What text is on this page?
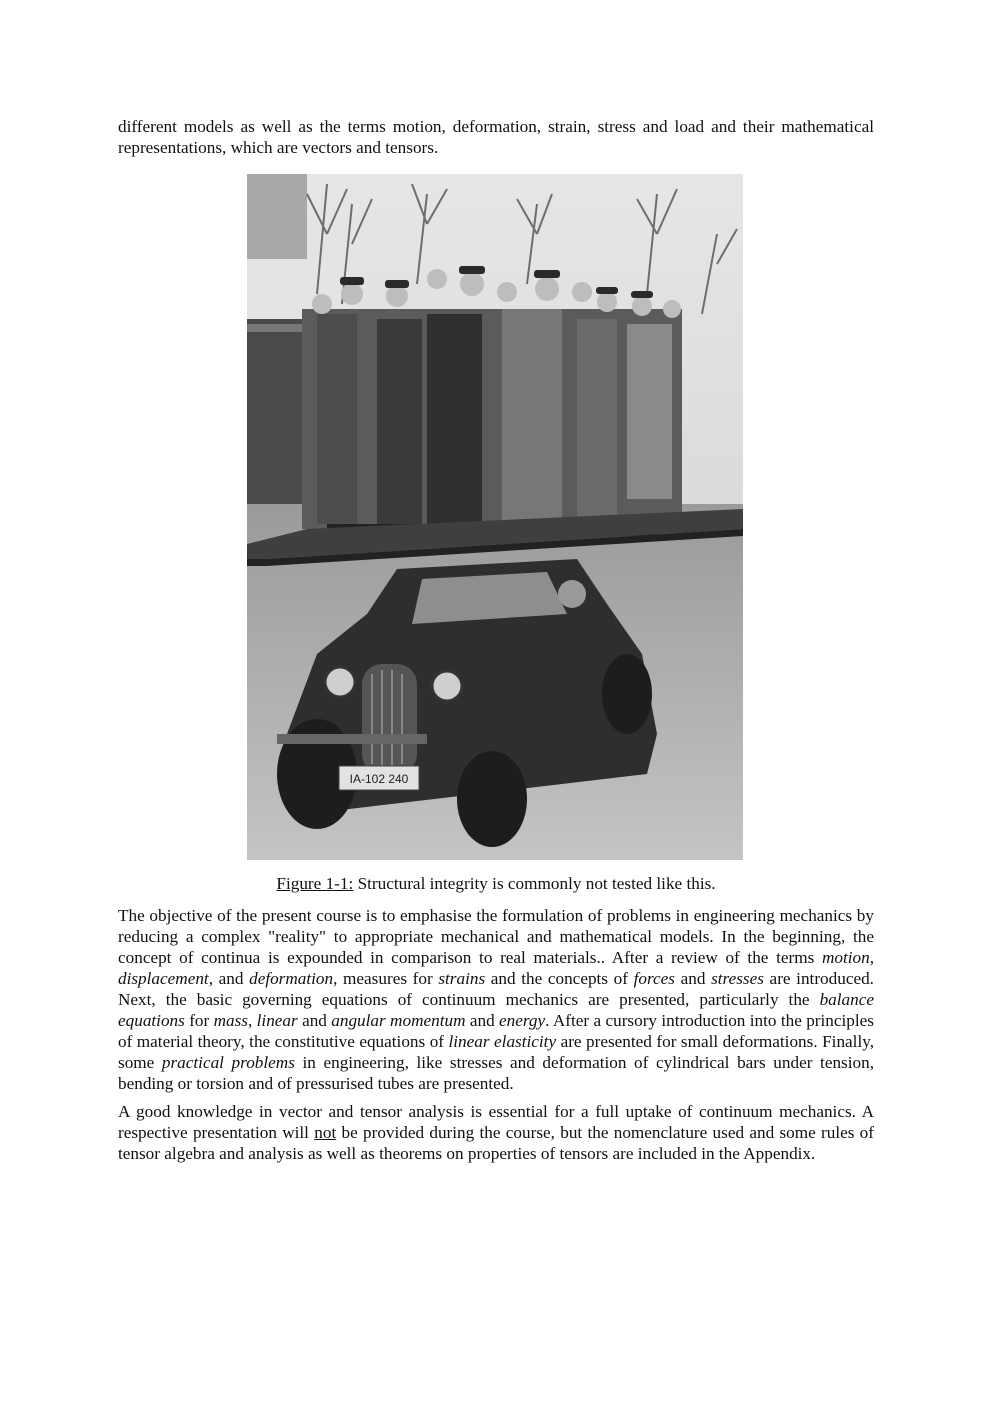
different models as well as the terms motion, deformation, strain, stress and load and their mathematical representations, which are vectors and tensors.

IA-102 240
Figure 1-1: Structural integrity is commonly not tested like this.

The objective of the present course is to emphasise the formulation of problems in engineering mechanics by reducing a complex "reality" to appropriate mechanical and mathematical models. In the beginning, the concept of continua is expounded in comparison to real materials.. After a review of the terms motion, displacement, and deformation, measures for strains and the concepts of forces and stresses are introduced. Next, the basic governing equations of continuum mechanics are presented, particularly the balance equations for mass, linear and angular momentum and energy. After a cursory introduction into the principles of material theory, the constitutive equations of linear elasticity are presented for small deformations. Finally, some practical problems in engineering, like stresses and deformation of cylindrical bars under tension, bending or torsion and of pressurised tubes are presented.

A good knowledge in vector and tensor analysis is essential for a full uptake of continuum mechanics. A respective presentation will not be provided during the course, but the nomenclature used and some rules of tensor algebra and analysis as well as theorems on properties of tensors are included in the Appendix.
